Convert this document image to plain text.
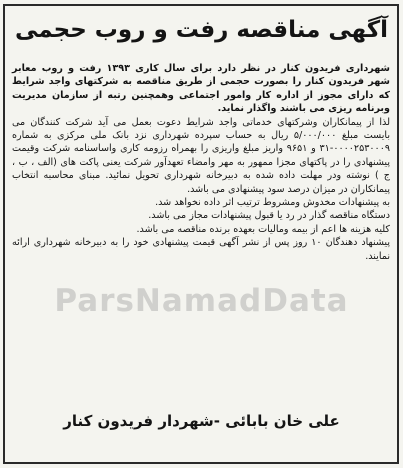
آگهی مناقصه رفت و روب حجمی

شهرداری فریدون کنار در نظر دارد برای سال کاری ۱۳۹۳ رفت و روب معابر شهر فریدون کنار را بصورت حجمی از طریق مناقصه به شرکتهای واجد شرایط که دارای مجوز از اداره کار وامور اجتماعی وهمچنین رتبه از سازمان مدیریت وبرنامه ریزی می باشند واگذار نماید.

لذا از پیمانکاران وشرکتهای خدماتی واجد شرایط دعوت بعمل می آید شرکت کنندگان می بایست مبلغ ۵/۰۰۰/۰۰۰ ریال به حساب سپرده شهرداری نزد بانک ملی مرکزی به شماره ۰۰۰۰۲۵۳۰۰۰۹-۳۱ و ۹۶۵۱ واریز مبلغ واریزی را بهمراه رزومه کاری واساسنامه شرکت وقیمت پیشنهادی را در پاکتهای مجزا ممهور به مهر وامضاء تعهدآور شرکت یعنی پاکت های (الف ، ب ، ج ) نوشته ودر مهلت داده شده به دبیرخانه شهرداری تحویل نمائید. مبنای محاسبه انتخاب پیمانکاران در میزان درصد سود پیشنهادی می باشد.

به پیشنهادات مخدوش ومشروط ترتیب اثر داده نخواهد شد.

دستگاه مناقصه گذار در رد یا قبول پیشنهادات مجاز می باشد.

کلیه هزینه ها اعم از بیمه ومالیات بعهده برنده مناقصه می باشد.

پیشنهاد دهندگان ۱۰ روز پس از نشر آگهی قیمت پیشنهادی خود را به دبیرخانه شهرداری ارائه نمایند.

ParsNamadData
علی خان بابائی -شهردار فریدون کنار
